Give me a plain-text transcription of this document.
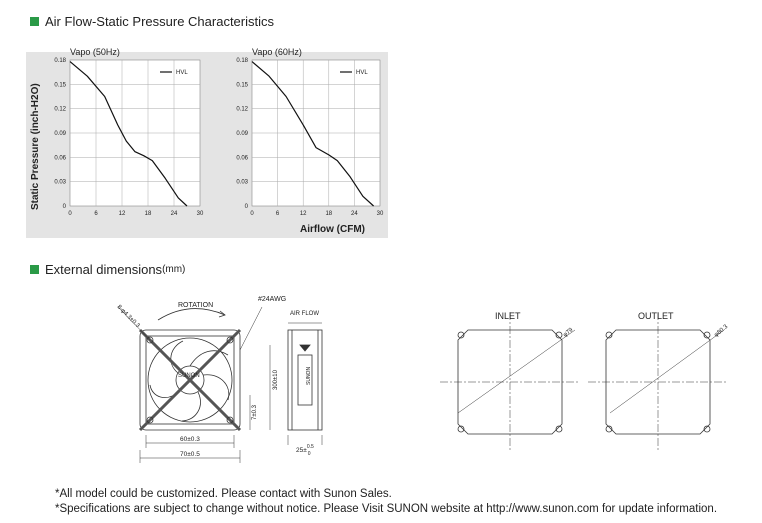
Air Flow-Static Pressure Characteristics
Static Pressure (inch-H2O)
Airflow (CFM)
0	6	12	18	24	30
0
0.03
0.06
0.09
0.12
0.15
0.18
Vapo (50Hz)
HVL
0	6	12	18	24	30
0
0.03
0.06
0.09
0.12
0.15
0.18
Vapo (60Hz)
HVL
External dimensions (mm)
8-φ4.3±0.3	ROTATION
#24AWG
SUNON	300±10
7±0.3
60±0.3
70±0.5
AIR FLOW
SUNON
25±$^{0.5}$ 0
INLET
φ79
OUTLET
φ80.3
*All model could be customized. Please contact with Sunon Sales.
*Specifications are subject to change without notice. Please Visit SUNON website at http://www.sunon.com for update information.
